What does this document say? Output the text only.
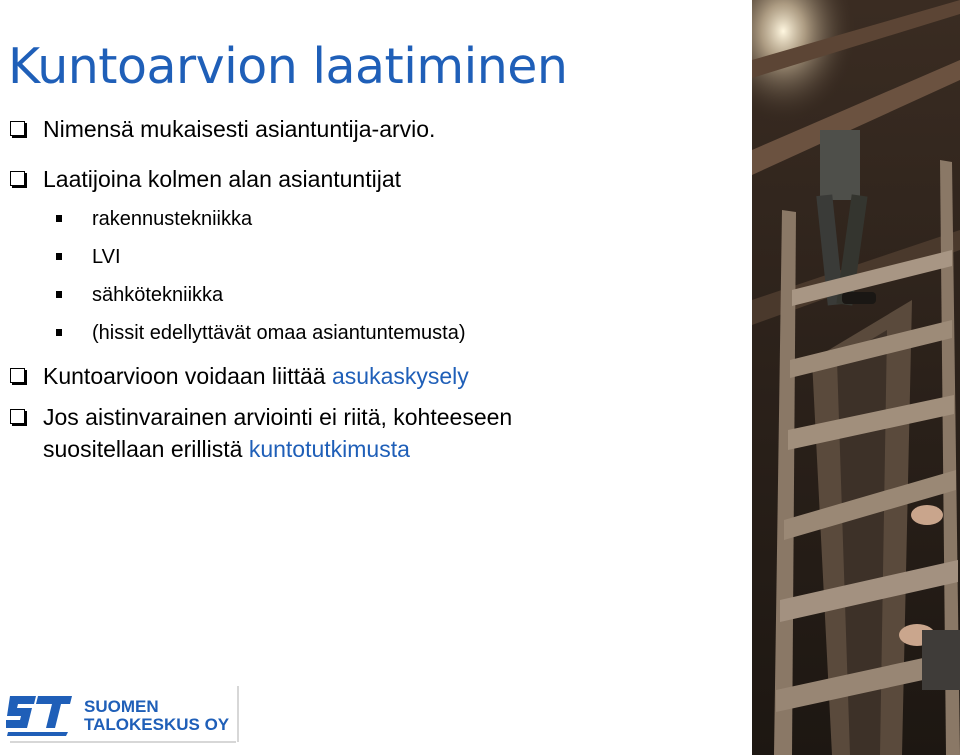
Kuntoarvion laatiminen
Nimensä mukaisesti asiantuntija-arvio.
Laatijoina kolmen alan asiantuntijat
rakennustekniikka
LVI
sähkötekniikka
(hissit edellyttävät omaa asiantuntemusta)
Kuntoarvioon voidaan liittää asukaskysely
Jos aistinvarainen arviointi ei riitä, kohteeseen
suositellaan erillistä kuntotutkimusta
SUOMEN
TALOKESKUS OY
